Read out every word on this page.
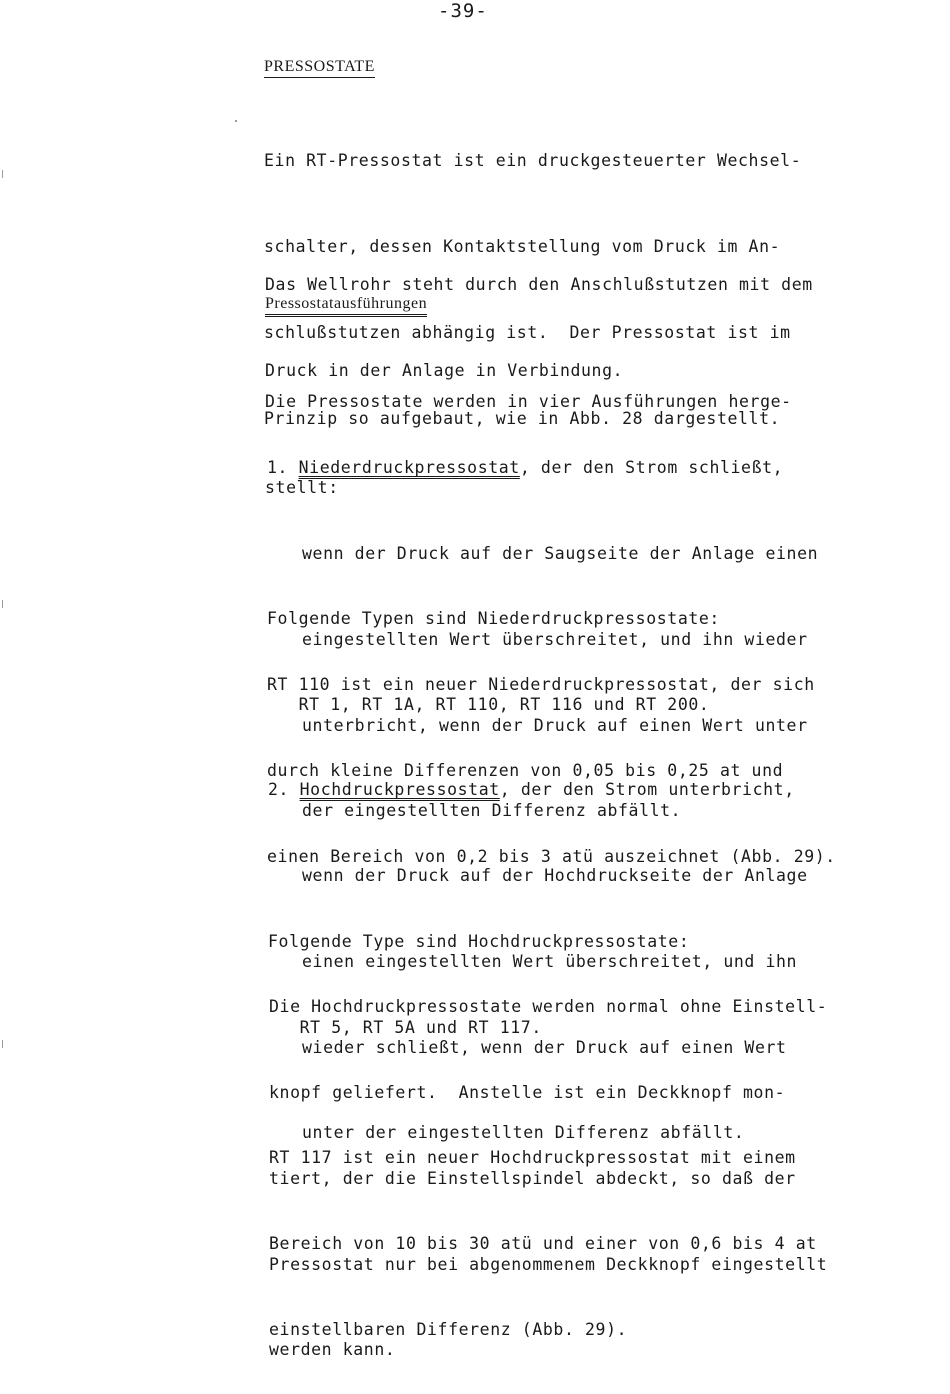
-39-
PRESSOSTATE

Ein RT-Pressostat ist ein druckgesteuerter Wechsel-

schalter, dessen Kontaktstellung vom Druck im An-

schlußstutzen abhängig ist.  Der Pressostat ist im

Prinzip so aufgebaut, wie in Abb. 28 dargestellt.

Das Wellrohr steht durch den Anschlußstutzen mit dem

Druck in der Anlage in Verbindung.

Pressostatausführungen

Die Pressostate werden in vier Ausführungen herge-

stellt:

1. Niederdruckpressostat, der den Strom schließt,

wenn der Druck auf der Saugseite der Anlage einen

eingestellten Wert überschreitet, und ihn wieder

unterbricht, wenn der Druck auf einen Wert unter

der eingestellten Differenz abfällt.

Folgende Typen sind Niederdruckpressostate:

RT 1, RT 1A, RT 110, RT 116 und RT 200.

RT 110 ist ein neuer Niederdruckpressostat, der sich

durch kleine Differenzen von 0,05 bis 0,25 at und

einen Bereich von 0,2 bis 3 atü auszeichnet (Abb. 29).

2. Hochdruckpressostat, der den Strom unterbricht,

wenn der Druck auf der Hochdruckseite der Anlage

einen eingestellten Wert überschreitet, und ihn

wieder schließt, wenn der Druck auf einen Wert

unter der eingestellten Differenz abfällt.

Folgende Type sind Hochdruckpressostate:

RT 5, RT 5A und RT 117.

Die Hochdruckpressostate werden normal ohne Einstell-

knopf geliefert.  Anstelle ist ein Deckknopf mon-

tiert, der die Einstellspindel abdeckt, so daß der

Pressostat nur bei abgenommenem Deckknopf eingestellt

werden kann.

RT 117 ist ein neuer Hochdruckpressostat mit einem

Bereich von 10 bis 30 atü und einer von 0,6 bis 4 at

einstellbaren Differenz (Abb. 29).
